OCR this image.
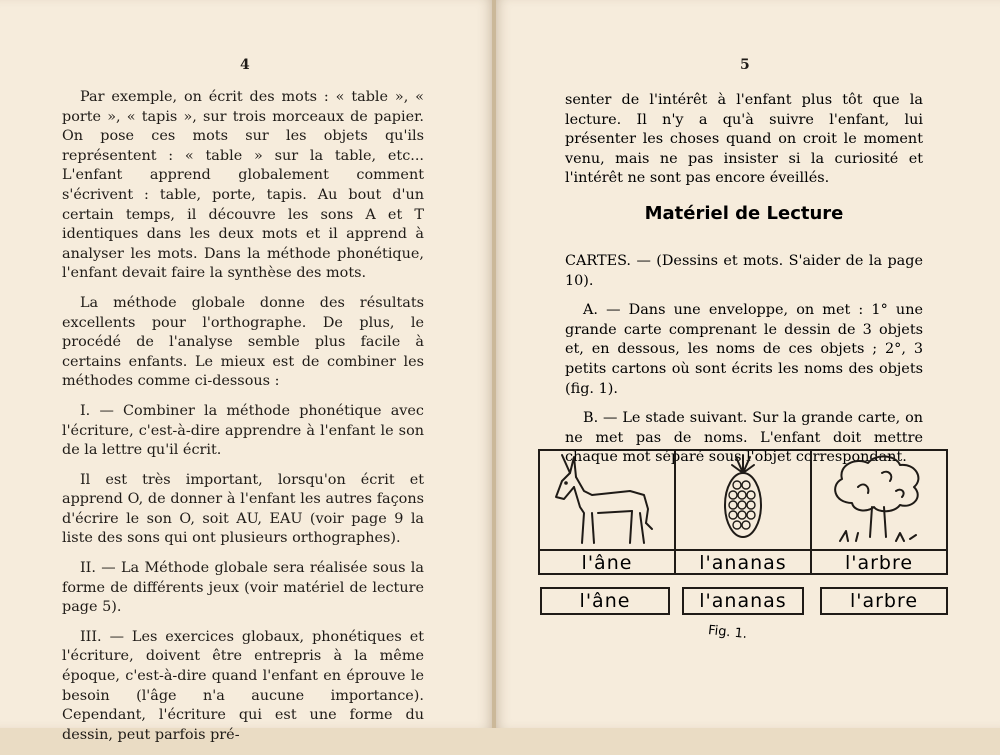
4

Par exemple, on écrit des mots : « table », « porte », « tapis », sur trois morceaux de papier. On pose ces mots sur les objets qu'ils représentent : « table » sur la table, etc... L'enfant apprend globalement comment s'écrivent : table, porte, tapis. Au bout d'un certain temps, il découvre les sons A et T identiques dans les deux mots et il apprend à analyser les mots. Dans la méthode phonétique, l'enfant devait faire la synthèse des mots.

La méthode globale donne des résultats excellents pour l'orthographe. De plus, le procédé de l'analyse semble plus facile à certains enfants. Le mieux est de combiner les méthodes comme ci-dessous :

I. — Combiner la méthode phonétique avec l'écriture, c'est-à-dire apprendre à l'enfant le son de la lettre qu'il écrit.

Il est très important, lorsqu'on écrit et apprend O, de donner à l'enfant les autres façons d'écrire le son O, soit AU, EAU (voir page 9 la liste des sons qui ont plusieurs orthographes).

II. — La Méthode globale sera réalisée sous la forme de différents jeux (voir matériel de lecture page 5).

III. — Les exercices globaux, phonétiques et l'écriture, doivent être entrepris à la même époque, c'est-à-dire quand l'enfant en éprouve le besoin (l'âge n'a aucune importance). Cependant, l'écriture qui est une forme du dessin, peut parfois pré-

5

senter de l'intérêt à l'enfant plus tôt que la lecture. Il n'y a qu'à suivre l'enfant, lui présenter les choses quand on croit le moment venu, mais ne pas insister si la curiosité et l'intérêt ne sont pas encore éveillés.

Matériel de Lecture

CARTES. — (Dessins et mots. S'aider de la page 10).

A. — Dans une enveloppe, on met : 1° une grande carte comprenant le dessin de 3 objets et, en dessous, les noms de ces objets ; 2°, 3 petits cartons où sont écrits les noms des objets (fig. 1).

B. — Le stade suivant. Sur la grande carte, on ne met pas de noms. L'enfant doit mettre chaque mot séparé sous l'objet correspondant.

l'âne	l'ananas	l'arbre
l'âne	l'ananas	l'arbre
Fig. 1.
